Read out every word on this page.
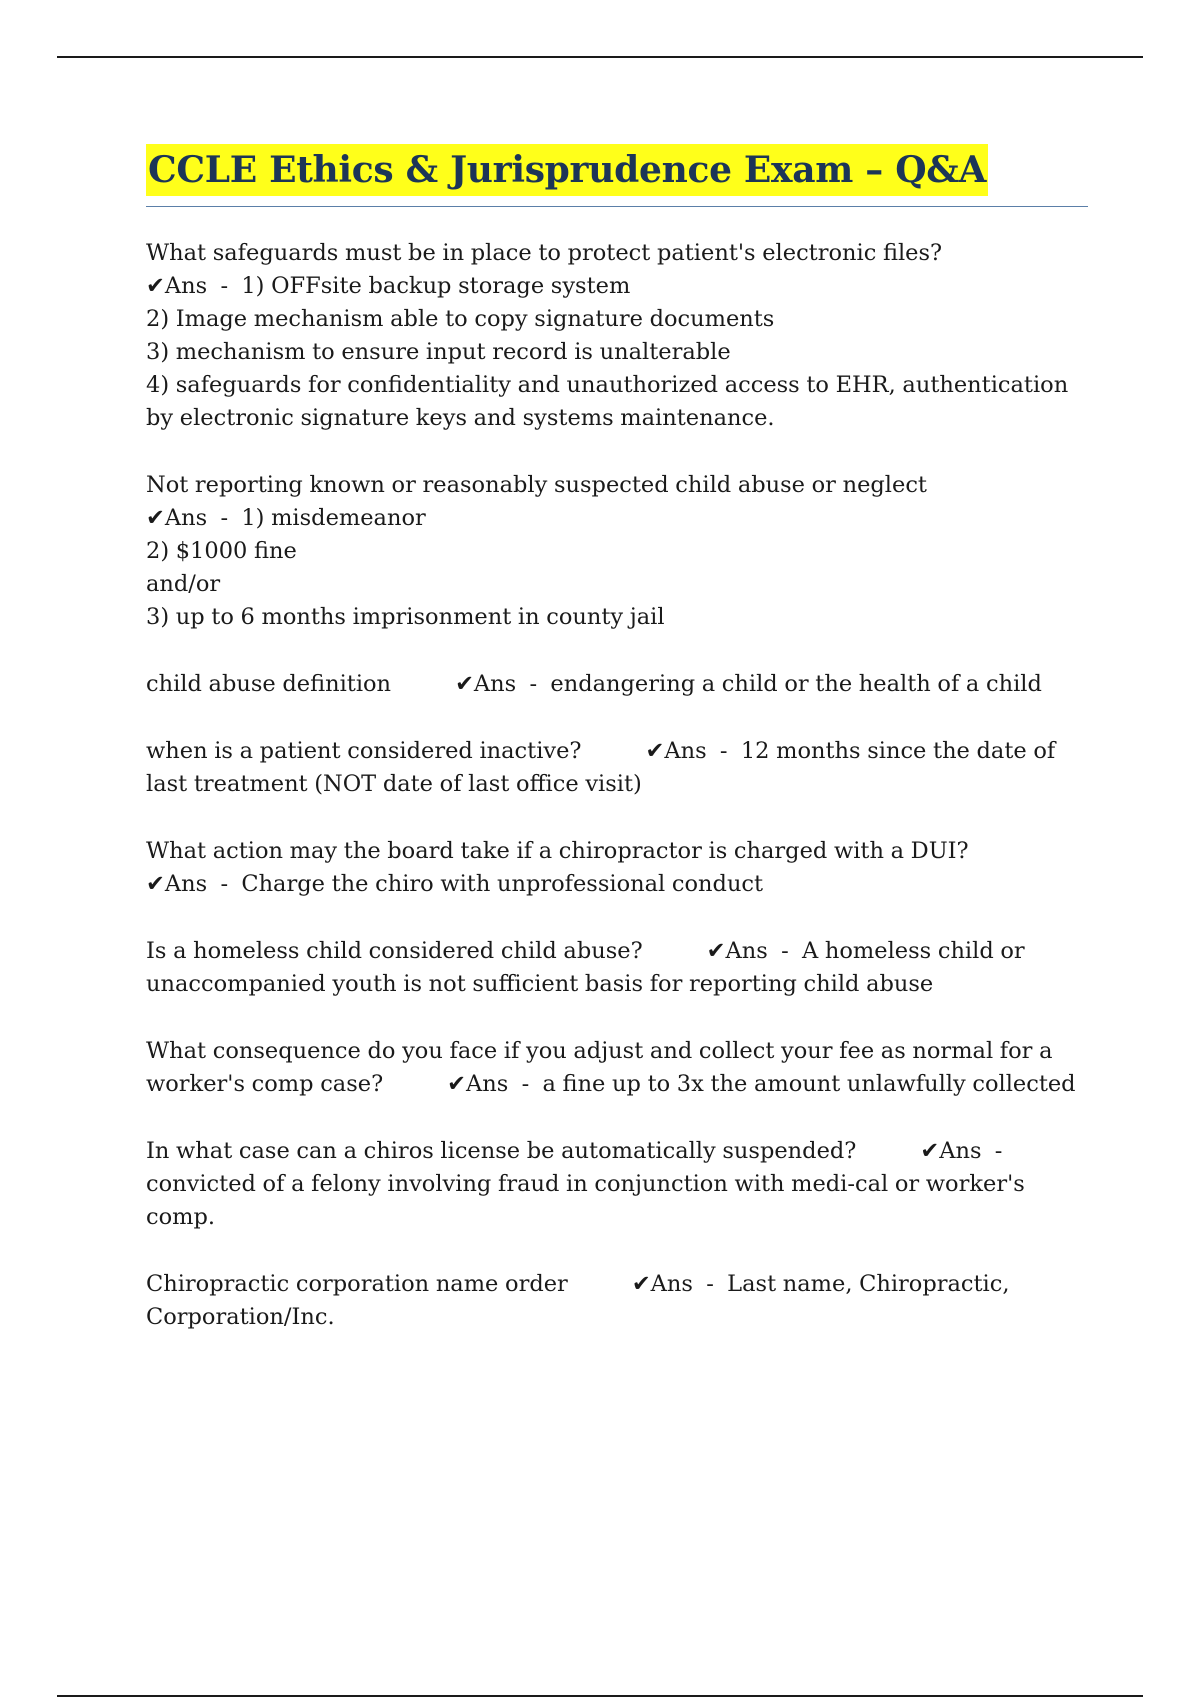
CCLE Ethics & Jurisprudence Exam – Q&A
What safeguards must be in place to protect patient's electronic files?
✔Ans  -  1) OFFsite backup storage system
2) Image mechanism able to copy signature documents
3) mechanism to ensure input record is unalterable
4) safeguards for confidentiality and unauthorized access to EHR, authentication by electronic signature keys and systems maintenance.
Not reporting known or reasonably suspected child abuse or neglect
✔Ans  -  1) misdemeanor
2) $1000 fine
and/or
3) up to 6 months imprisonment in county jail
child abuse definition	✔Ans  -  endangering a child or the health of a child
when is a patient considered inactive?	✔Ans  -  12 months since the date of last treatment (NOT date of last office visit)
What action may the board take if a chiropractor is charged with a DUI?
✔Ans  -  Charge the chiro with unprofessional conduct
Is a homeless child considered child abuse?	✔Ans  -  A homeless child or unaccompanied youth is not sufficient basis for reporting child abuse
What consequence do you face if you adjust and collect your fee as normal for a worker's comp case?	✔Ans  -  a fine up to 3x the amount unlawfully collected
In what case can a chiros license be automatically suspended?	✔Ans  -  convicted of a felony involving fraud in conjunction with medi-cal or worker's comp.
Chiropractic corporation name order	✔Ans  -  Last name, Chiropractic, Corporation/Inc.
